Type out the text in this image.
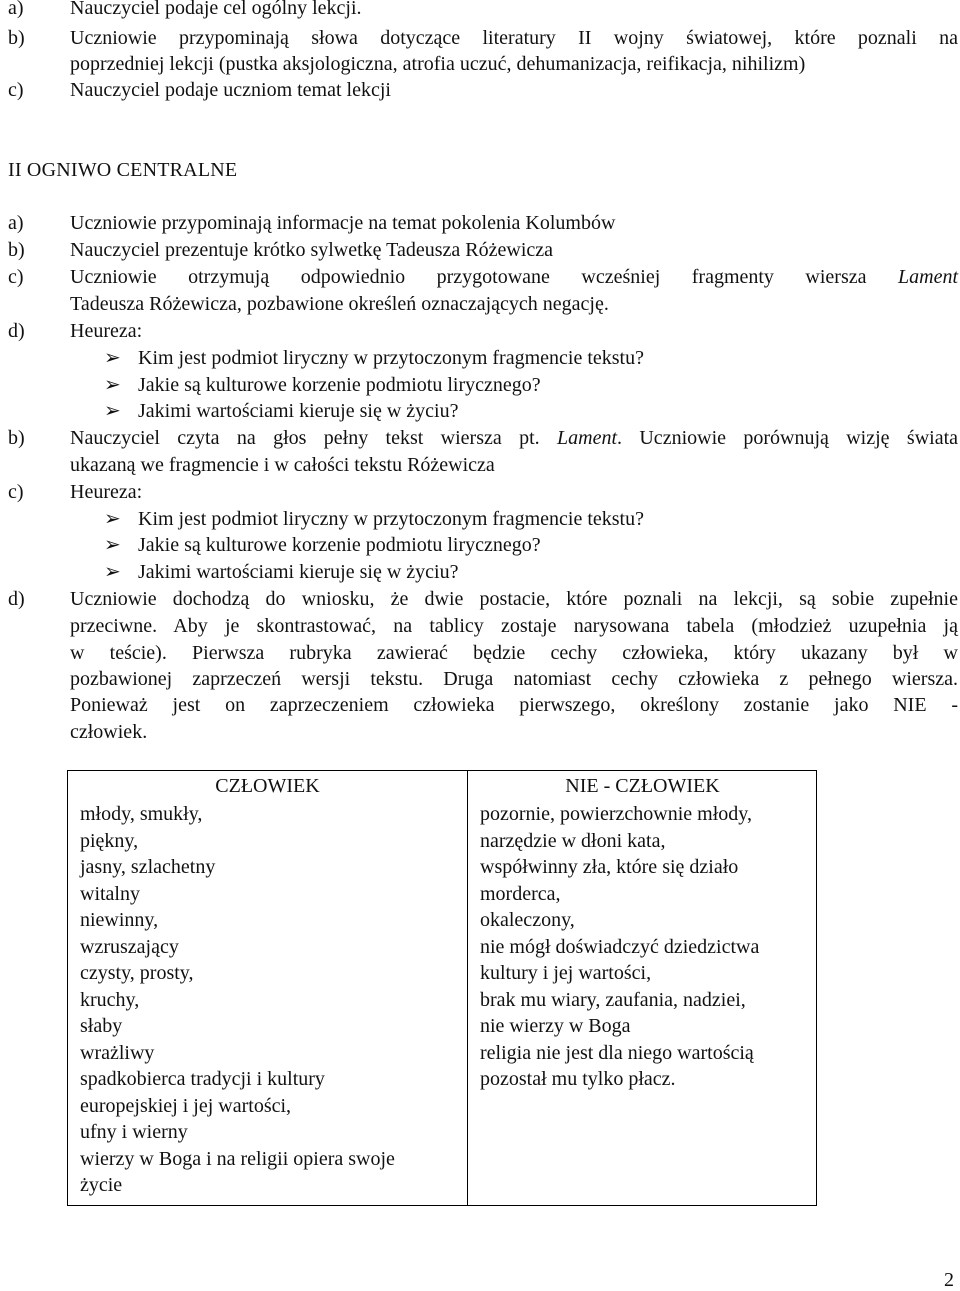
a) Nauczyciel podaje cel ogólny lekcji.
b) Uczniowie przypominają słowa dotyczące literatury II wojny światowej, które poznali na
poprzedniej lekcji (pustka aksjologiczna, atrofia uczuć, dehumanizacja, reifikacja, nihilizm)
c) Nauczyciel podaje uczniom temat lekcji
II OGNIWO CENTRALNE
a) Uczniowie przypominają informacje na temat pokolenia Kolumbów
b) Nauczyciel prezentuje krótko sylwetkę Tadeusza Różewicza
c) Uczniowie otrzymują odpowiednio przygotowane wcześniej fragmenty wiersza Lament
Tadeusza Różewicza, pozbawione określeń oznaczających negację.
d) Heureza:
➢ Kim jest podmiot liryczny w przytoczonym fragmencie tekstu?
➢ Jakie są kulturowe korzenie podmiotu lirycznego?
➢ Jakimi wartościami kieruje się w życiu?
b) Nauczyciel czyta na głos pełny tekst wiersza pt. Lament. Uczniowie porównują wizję świata
ukazaną we fragmencie i w całości tekstu Różewicza
c) Heureza:
➢ Kim jest podmiot liryczny w przytoczonym fragmencie tekstu?
➢ Jakie są kulturowe korzenie podmiotu lirycznego?
➢ Jakimi wartościami kieruje się w życiu?
d) Uczniowie dochodzą do wniosku, że dwie postacie, które poznali na lekcji, są sobie zupełnie
przeciwne. Aby je skontrastować, na tablicy zostaje narysowana tabela (młodzież uzupełnia ją
w teście). Pierwsza rubryka zawierać będzie cechy człowieka, który ukazany był w
pozbawionej zaprzeczeń wersji tekstu. Druga natomiast cechy człowieka z pełnego wiersza.
Ponieważ jest on zaprzeczeniem człowieka pierwszego, określony zostanie jako NIE -
człowiek.
CZŁOWIEK
młody, smukły,
piękny,
jasny, szlachetny
witalny
niewinny,
wzruszający
czysty, prosty,
kruchy,
słaby
wrażliwy
spadkobierca tradycji i kultury
europejskiej i jej wartości,
ufny i wierny
wierzy w Boga i na religii opiera swoje
życie
NIE - CZŁOWIEK
pozornie, powierzchownie młody,
narzędzie w dłoni kata,
współwinny zła, które się działo
morderca,
okaleczony,
nie mógł doświadczyć dziedzictwa
kultury i jej wartości,
brak mu wiary, zaufania, nadziei,
nie wierzy w Boga
religia nie jest dla niego wartością
pozostał mu tylko płacz.
2
